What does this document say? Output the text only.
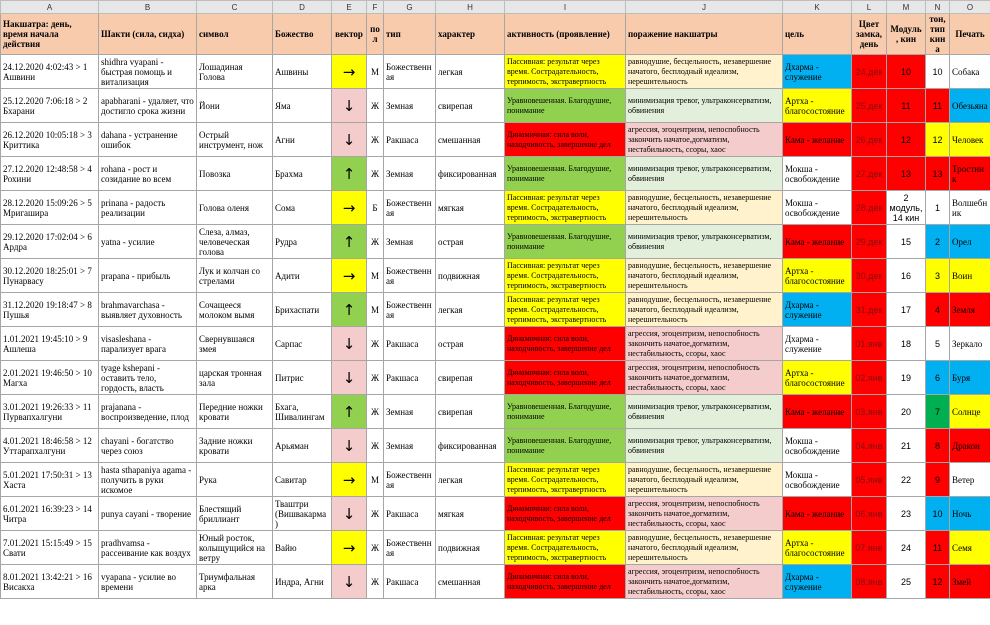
A	B	C	D	E	F	G	H	I	J	K	L	M	N	O
Накшатра: день, время начала действия	Шакти (сила, сидха)	символ	Божество	вектор	пол	тип	характер	активность (проявление)	поражение накшатры	цель	Цвет замка, день	Модуль , кин	тон, тип кина	Печать
24.12.2020 4:02:43 > 1 Ашвини	shidhra vyapani - быстрая помощь и витализация	Лошадиная Голова	Ашвины	→	М	Божественная	легкая	Пассивная: результат через время. Сострадательность, терпимость, экстравертность	равнодушие, бесцельность, незавершение начатого, бесплодный идеализм, нерешительность	Дхарма - служение	24.дек	10	10	Собака
25.12.2020 7:06:18 > 2 Бхарани	apabharani - удаляет, что достигло срока жизни	Йони	Яма	↓	Ж	Земная	свирепая	Уравновешенная. Благодушие, понимание	минимизация тревог, ультраконсерватизм, обвинения	Артха - благосостояние	25.дек	11	11	Обезьяна
26.12.2020 10:05:18 > 3 Криттика	dahana - устранение ошибок	Острый инструмент, нож	Агни	↓	Ж	Ракшаса	смешанная	Динамичная: сила воли, находчивость, завершение дел	агрессия, эгоцентризм, непоспобность закончить начатое,догматизм, нестабильность, ссоры, хаос	Кама - желание	26.дек	12	12	Человек
27.12.2020 12:48:58 > 4 Рохини	rohana - рост и созидание во всем	Повозка	Брахма	↑	Ж	Земная	фиксированная	Уравновешенная. Благодушие, понимание	минимизация тревог, ультраконсерватизм, обвинения	Мокша - освобождение	27.дек	13	13	Тростник
28.12.2020 15:09:26 > 5 Мригашира	prinana - радость реализации	Голова оленя	Сома	→	Б	Божественная	мягкая	Пассивная: результат через время. Сострадательность, терпимость, экстравертность	равнодушие, бесцельность, незавершение начатого, бесплодный идеализм, нерешительность	Мокша - освобождение	28.дек	2 модуль, 14 кин	1	Волшебник
29.12.2020 17:02:04 > 6 Ардра	yatna - усилие	Слеза, алмаз, человеческая голова	Рудра	↑	Ж	Земная	острая	Уравновешенная. Благодушие, понимание	минимизация тревог, ультраконсерватизм, обвинения	Кама - желание	29.дек	15	2	Орел
30.12.2020 18:25:01 > 7 Пунарвасу	prapana - прибыль	Лук и колчан со стрелами	Адити	→	М	Божественная	подвижная	Пассивная: результат через время. Сострадательность, терпимость, экстравертность	равнодушие, бесцельность, незавершение начатого, бесплодный идеализм, нерешительность	Артха - благосостояние	30.дек	16	3	Воин
31.12.2020 19:18:47 > 8 Пушья	brahmavarchasa - выявляет духовность	Сочащееся молоком вымя	Брихаспати	↑	М	Божественная	легкая	Пассивная: результат через время. Сострадательность, терпимость, экстравертность	равнодушие, бесцельность, незавершение начатого, бесплодный идеализм, нерешительность	Дхарма - служение	31.дек	17	4	Земля
1.01.2021 19:45:10 > 9 Ашлеша	visasleshana - парализует врага	Свернувшаяся змея	Сарпас	↓	Ж	Ракшаса	острая	Динамичная: сила воли, находчивость, завершение дел	агрессия, эгоцентризм, непоспобность закончить начатое,догматизм, нестабильность, ссоры, хаос	Дхарма - служение	01.янв	18	5	Зеркало
2.01.2021 19:46:50 > 10 Магха	tyage kshepani - оставить тело, гордость, власть	царская тронная зала	Питрис	↓	Ж	Ракшаса	свирепая	Динамичная: сила воли, находчивость, завершение дел	агрессия, эгоцентризм, непоспобность закончить начатое,догматизм, нестабильность, ссоры, хаос	Артха - благосостояние	02.янв	19	6	Буря
3.01.2021 19:26:33 > 11 Пурвапхалгуни	prajanana - воспроизведение, плод	Передние ножки кровати	Бхага, Шивалингам	↑	Ж	Земная	свирепая	Уравновешенная. Благодушие, понимание	минимизация тревог, ультраконсерватизм, обвинения	Кама - желание	03.янв	20	7	Солнце
4.01.2021 18:46:58 > 12 Уттарапхалгуни	chayani - богатство через союз	Задние ножки кровати	Арьяман	↓	Ж	Земная	фиксированная	Уравновешенная. Благодушие, понимание	минимизация тревог, ультраконсерватизм, обвинения	Мокша - освобождение	04.янв	21	8	Дракон
5.01.2021 17:50:31 > 13 Хаста	hasta sthapaniya agama - получить в руки искомое	Рука	Савитар	→	М	Божественная	легкая	Пассивная: результат через время. Сострадательность, терпимость, экстравертность	равнодушие, бесцельность, незавершение начатого, бесплодный идеализм, нерешительность	Мокша - освобождение	05.янв	22	9	Ветер
6.01.2021 16:39:23 > 14 Читра	punya cayani - творение	Блестящий бриллиант	Тваштри (Вишвакарма)	↓	Ж	Ракшаса	мягкая	Динамичная: сила воли, находчивость, завершение дел	агрессия, эгоцентризм, непоспобность закончить начатое,догматизм, нестабильность, ссоры, хаос	Кама - желание	06.янв	23	10	Ночь
7.01.2021 15:15:49 > 15 Свати	pradhvamsa - рассеивание как воздух	Юный росток, колыщущийся на ветру	Вайю	→	Ж	Божественная	подвижная	Пассивная: результат через время. Сострадательность, терпимость, экстравертность	равнодушие, бесцельность, незавершение начатого, бесплодный идеализм, нерешительность	Артха - благосостояние	07.янв	24	11	Семя
8.01.2021 13:42:21 > 16 Висакха	vyapana - усилие во времени	Триумфальная арка	Индра, Агни	↓	Ж	Ракшаса	смешанная	Динамичная: сила воли, находчивость, завершение дел	агрессия, эгоцентризм, непоспобность закончить начатое,догматизм, нестабильность, ссоры, хаос	Дхарма - служение	08.янв	25	12	Змей
